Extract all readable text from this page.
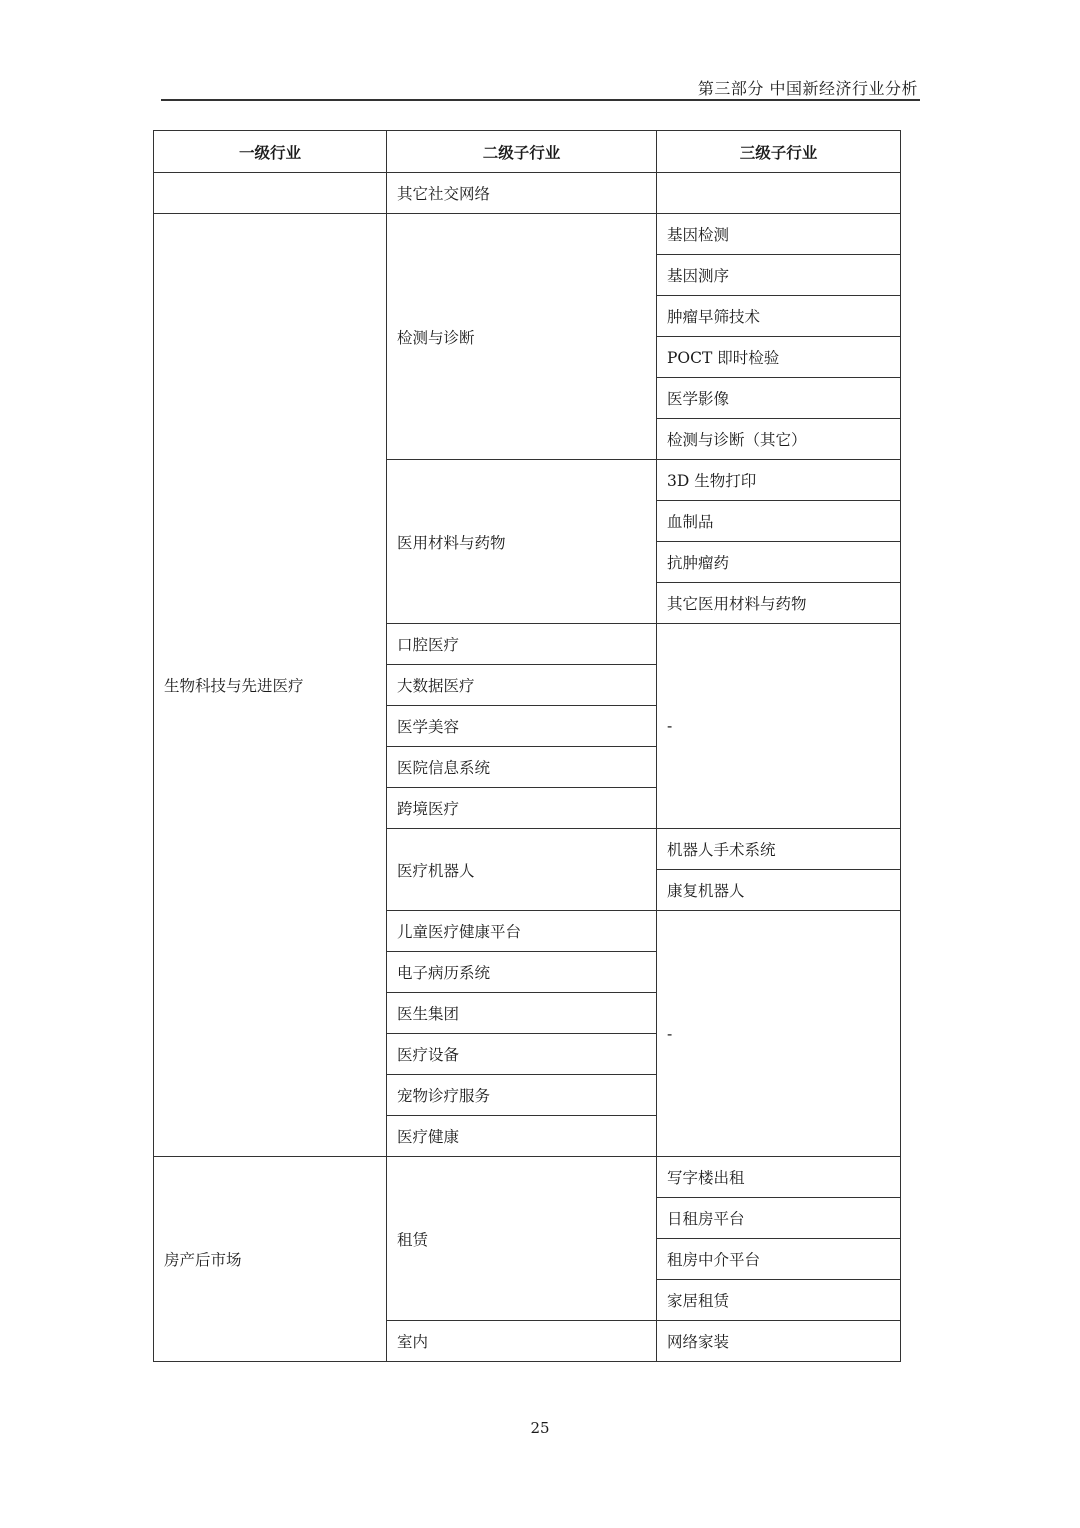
第三部分 中国新经济行业分析
一级行业	二级子行业	三级子行业
	其它社交网络	
生物科技与先进医疗	检测与诊断	基因检测
		基因测序
		肿瘤早筛技术
		POCT 即时检验
		医学影像
		检测与诊断（其它）
	医用材料与药物	3D 生物打印
		血制品
		抗肿瘤药
		其它医用材料与药物
	口腔医疗	-
	大数据医疗	
	医学美容	
	医院信息系统	
	跨境医疗	
	医疗机器人	机器人手术系统
		康复机器人
	儿童医疗健康平台	-
	电子病历系统	
	医生集团	
	医疗设备	
	宠物诊疗服务	
	医疗健康	
房产后市场	租赁	写字楼出租
		日租房平台
		租房中介平台
		家居租赁
	室内	网络家装
25
